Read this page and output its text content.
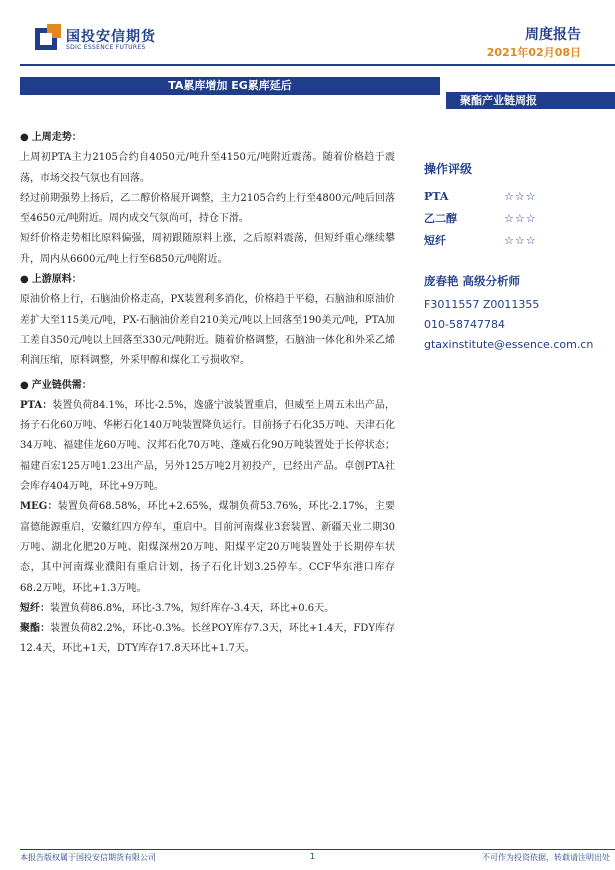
国投安信期货
SDIC ESSENCE FUTURES
周度报告
2021年02月08日
TA累库增加 EG累库延后
聚酯产业链周报

● 上周走势：

上周初PTA主力2105合约自4050元/吨升至4150元/吨附近震荡。随着价格趋于震荡，市场交投气氛也有回落。

经过前期强势上扬后，乙二醇价格展开调整，主力2105合约上行至4800元/吨后回落至4650元/吨附近。周内成交气氛尚可，持仓下滑。

短纤价格走势相比原料偏强，周初跟随原料上涨，之后原料震荡，但短纤重心继续攀升，周内从6600元/吨上行至6850元/吨附近。

● 上游原料：

原油价格上行，石脑油价格走高，PX装置利多消化，价格趋于平稳，石脑油和原油价差扩大至115美元/吨，PX-石脑油价差自210美元/吨以上回落至190美元/吨，PTA加工差自350元/吨以上回落至330元/吨附近。随着价格调整，石脑油一体化和外采乙烯利润压缩，原料调整，外采甲醇和煤化工亏损收窄。

● 产业链供需：

PTA：装置负荷84.1%，环比-2.5%，逸盛宁波装置重启，但威至上周五未出产品，扬子石化60万吨、华彬石化140万吨装置降负运行。目前扬子石化35万吨、天津石化34万吨、福建佳龙60万吨、汉邦石化70万吨、蓬威石化90万吨装置处于长停状态；福建百宏125万吨1.23出产品，另外125万吨2月初投产，已经出产品。卓创PTA社会库存404万吨，环比+9万吨。

MEG：装置负荷68.58%，环比+2.65%，煤制负荷53.76%，环比-2.17%，主要富德能源重启，安徽红四方停车，重启中。目前河南煤业3套装置、新疆天业二期30万吨、湖北化肥20万吨、阳煤深州20万吨、阳煤平定20万吨装置处于长期停车状态，其中河南煤业濮阳有重启计划，扬子石化计划3.25停车。CCF华东港口库存68.2万吨，环比+1.3万吨。

短纤：装置负荷86.8%，环比-3.7%，短纤库存-3.4天，环比+0.6天。

聚酯：装置负荷82.2%，环比-0.3%。长丝POY库存7.3天，环比+1.4天，FDY库存12.4天，环比+1天，DTY库存17.8天环比+1.7天。

操作评级
PTA	☆☆☆
乙二醇	☆☆☆
短纤	☆☆☆
庞春艳 高级分析师
F3011557 Z0011355
010-58747784
gtaxinstitute@essence.com.cn
本报告版权属于国投安信期货有限公司	1	不可作为投资依据，转载请注明出处
